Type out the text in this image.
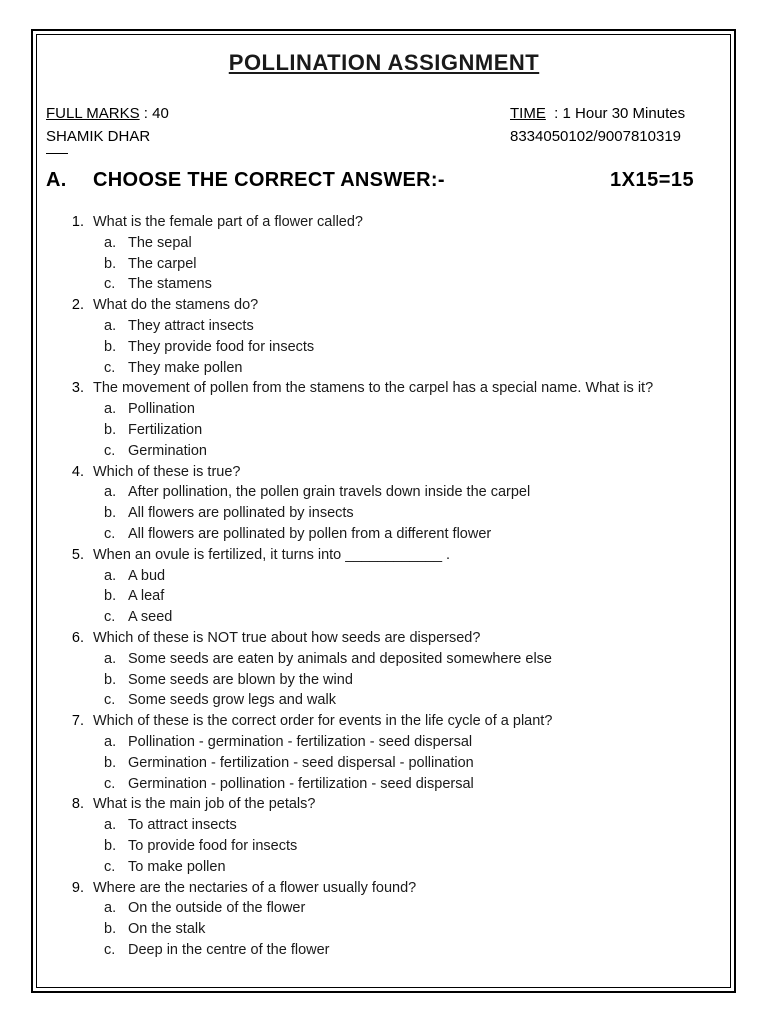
POLLINATION ASSIGNMENT
FULL MARKS : 40
SHAMIK DHAR
TIME  : 1 Hour 30 Minutes
8334050102/9007810319
A. CHOOSE THE CORRECT ANSWER:-	1X15=15
1. What is the female part of a flower called?
a. The sepal
b. The carpel
c. The stamens
2. What do the stamens do?
a. They attract insects
b. They provide food for insects
c. They make pollen
3. The movement of pollen from the stamens to the carpel has a special name. What is it?
a. Pollination
b. Fertilization
c. Germination
4. Which of these is true?
a. After pollination, the pollen grain travels down inside the carpel
b. All flowers are pollinated by insects
c. All flowers are pollinated by pollen from a different flower
5. When an ovule is fertilized, it turns into ____________ .
a. A bud
b. A leaf
c. A seed
6. Which of these is NOT true about how seeds are dispersed?
a. Some seeds are eaten by animals and deposited somewhere else
b. Some seeds are blown by the wind
c. Some seeds grow legs and walk
7. Which of these is the correct order for events in the life cycle of a plant?
a. Pollination - germination - fertilization - seed dispersal
b. Germination - fertilization - seed dispersal - pollination
c. Germination - pollination - fertilization - seed dispersal
8. What is the main job of the petals?
a. To attract insects
b. To provide food for insects
c. To make pollen
9. Where are the nectaries of a flower usually found?
a. On the outside of the flower
b. On the stalk
c. Deep in the centre of the flower
